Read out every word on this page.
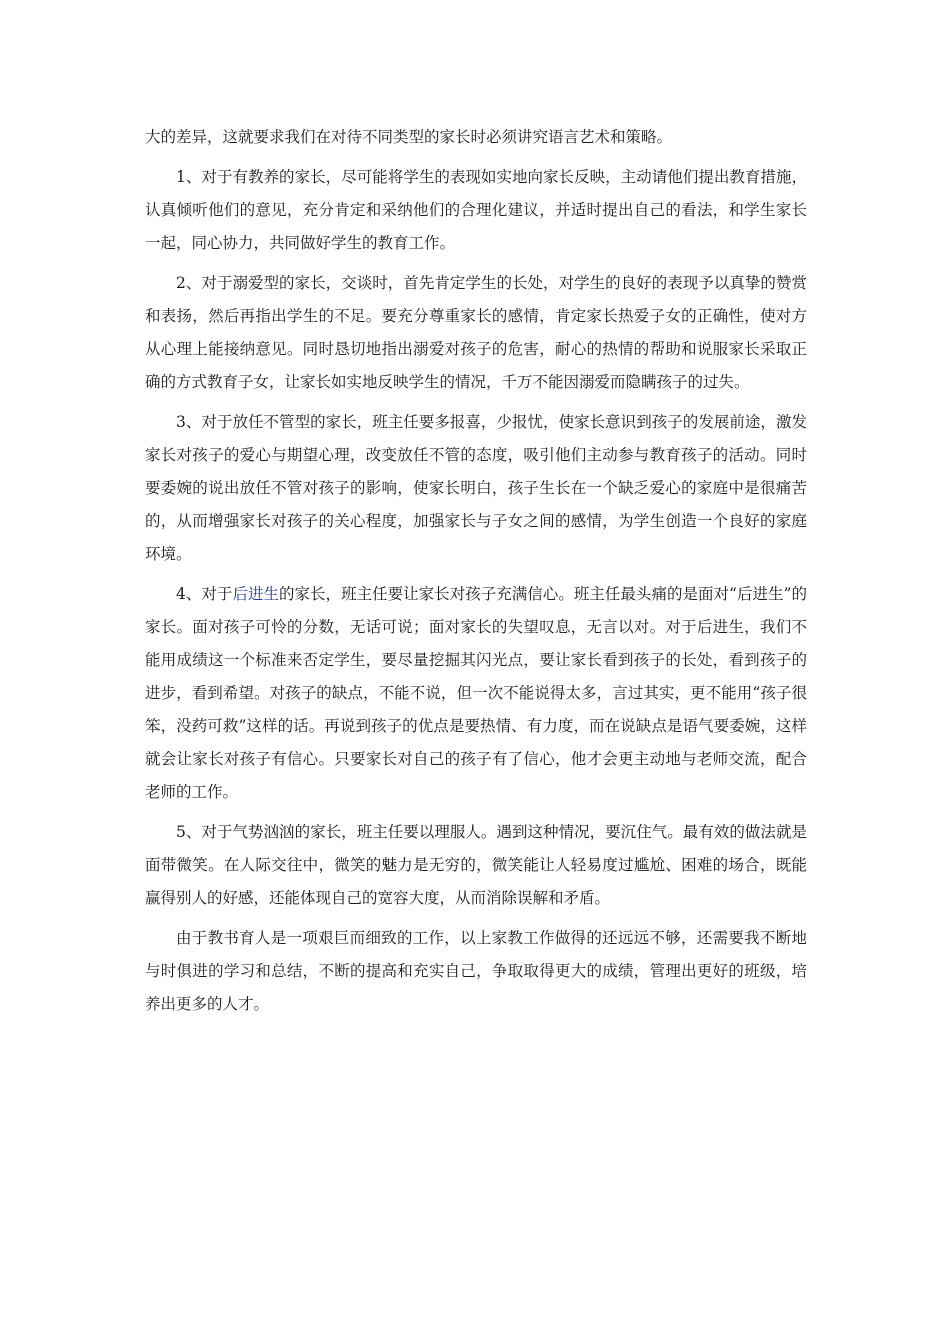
大的差异，这就要求我们在对待不同类型的家长时必须讲究语言艺术和策略。

1、对于有教养的家长，尽可能将学生的表现如实地向家长反映，主动请他们提出教育措施，认真倾听他们的意见，充分肯定和采纳他们的合理化建议，并适时提出自己的看法，和学生家长一起，同心协力，共同做好学生的教育工作。

2、对于溺爱型的家长，交谈时，首先肯定学生的长处，对学生的良好的表现予以真挚的赞赏和表扬，然后再指出学生的不足。要充分尊重家长的感情，肯定家长热爱子女的正确性，使对方从心理上能接纳意见。同时恳切地指出溺爱对孩子的危害，耐心的热情的帮助和说服家长采取正确的方式教育子女，让家长如实地反映学生的情况，千万不能因溺爱而隐瞒孩子的过失。

3、对于放任不管型的家长，班主任要多报喜，少报忧，使家长意识到孩子的发展前途，激发家长对孩子的爱心与期望心理，改变放任不管的态度，吸引他们主动参与教育孩子的活动。同时要委婉的说出放任不管对孩子的影响，使家长明白，孩子生长在一个缺乏爱心的家庭中是很痛苦的，从而增强家长对孩子的关心程度，加强家长与子女之间的感情，为学生创造一个良好的家庭环境。

4、对于后进生的家长，班主任要让家长对孩子充满信心。班主任最头痛的是面对“后进生”的家长。面对孩子可怜的分数，无话可说；面对家长的失望叹息，无言以对。对于后进生，我们不能用成绩这一个标准来否定学生，要尽量挖掘其闪光点，要让家长看到孩子的长处，看到孩子的进步，看到希望。对孩子的缺点，不能不说，但一次不能说得太多，言过其实，更不能用“孩子很笨，没药可救”这样的话。再说到孩子的优点是要热情、有力度，而在说缺点是语气要委婉，这样就会让家长对孩子有信心。只要家长对自己的孩子有了信心，他才会更主动地与老师交流，配合老师的工作。

5、对于气势汹汹的家长，班主任要以理服人。遇到这种情况，要沉住气。最有效的做法就是面带微笑。在人际交往中，微笑的魅力是无穷的，微笑能让人轻易度过尴尬、困难的场合，既能赢得别人的好感，还能体现自己的宽容大度，从而消除误解和矛盾。

由于教书育人是一项艰巨而细致的工作，以上家教工作做得的还远远不够，还需要我不断地与时俱进的学习和总结，不断的提高和充实自己，争取取得更大的成绩，管理出更好的班级，培养出更多的人才。
